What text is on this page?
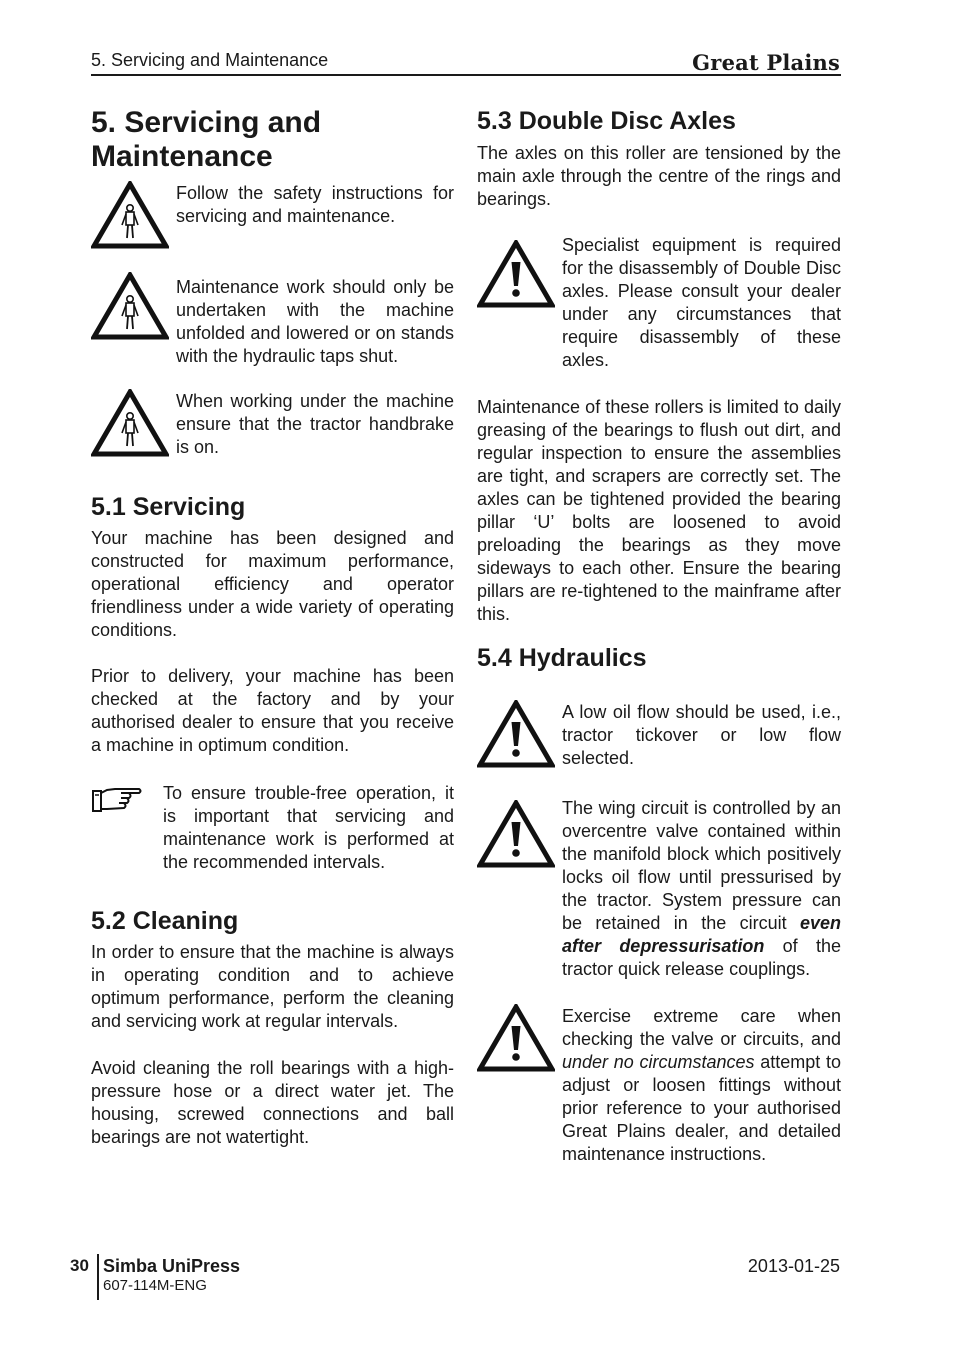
5. Servicing and Maintenance	Great Plains
5. Servicing and Maintenance

Follow the safety instructions for servicing and maintenance.

Maintenance work should only be undertaken with the machine unfolded and lowered or on stands with the hydraulic taps shut.

When working under the machine ensure that the tractor handbrake is on.

5.1 Servicing

Your machine has been designed and constructed for maximum performance, operational efficiency and operator friendliness under a wide variety of operating conditions.

Prior to delivery, your machine has been checked at the factory and by your authorised dealer to ensure that you receive a machine in optimum condition.

To ensure trouble-free operation, it is important that servicing and maintenance work is performed at the recommended intervals.

5.2 Cleaning

In order to ensure that the machine is always in operating condition and to achieve optimum performance, perform the cleaning and servicing work at regular intervals.

Avoid cleaning the roll bearings with a high-pressure hose or a direct water jet. The housing, screwed connections and ball bearings are not watertight.

5.3 Double Disc Axles

The axles on this roller are tensioned by the main axle through the centre of the rings and bearings.

Specialist equipment is required for the disassembly of Double Disc axles. Please consult your dealer under any circumstances that require disassembly of these axles.

Maintenance of these rollers is limited to daily greasing of the bearings to flush out dirt, and regular inspection to ensure the assemblies are tight, and scrapers are correctly set. The axles can be tightened provided the bearing pillar ‘U’ bolts are loosened to avoid preloading the bearings as they move sideways to each other. Ensure the bearing pillars are re-tightened to the mainframe after this.

5.4 Hydraulics

A low oil flow should be used, i.e., tractor tickover or low flow selected.

The wing circuit is controlled by an overcentre valve contained within the manifold block which positively locks oil flow until pressurised by the tractor. System pressure can be retained in the circuit even after depressurisation of the tractor quick release couplings.

Exercise extreme care when checking the valve or circuits, and under no circumstances attempt to adjust or loosen fittings without prior reference to your authorised Great Plains dealer, and detailed maintenance instructions.

30 Simba UniPress
607-114M-ENG
2013-01-25
